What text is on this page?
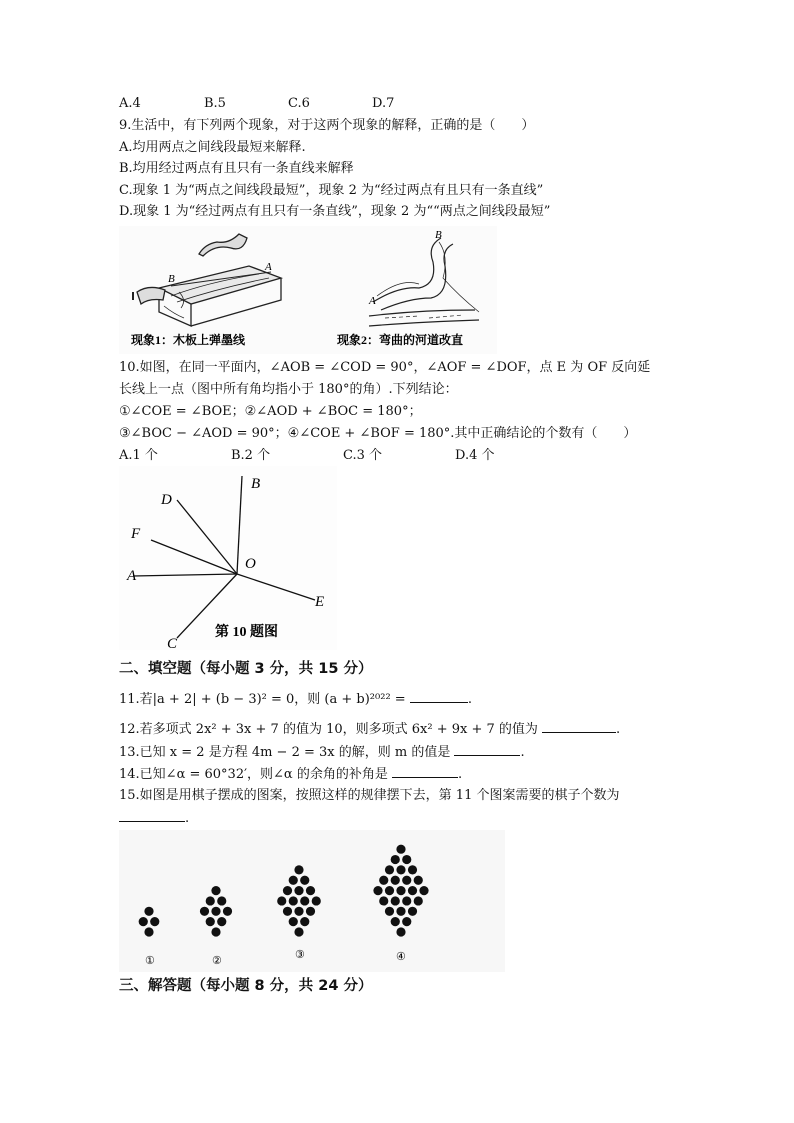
A.4	B.5	C.6	D.7
9.生活中，有下列两个现象，对于这两个现象的解释，正确的是（　　）
A.均用两点之间线段最短来解释.
B.均用经过两点有且只有一条直线来解释
C.现象 1 为“两点之间线段最短”，现象 2 为“经过两点有且只有一条直线”
D.现象 1 为“经过两点有且只有一条直线”，现象 2 为““两点之间线段最短”
B
A
B
A
现象1：木板上弹墨线	现象2：弯曲的河道改直
10.如图，在同一平面内，∠AOB = ∠COD = 90°，∠AOF = ∠DOF，点 E 为 OF 反向延
长线上一点（图中所有角均指小于 180°的角）.下列结论：
①∠COE = ∠BOE；②∠AOD + ∠BOC = 180°；
③∠BOC − ∠AOD = 90°；④∠COE + ∠BOF = 180°.其中正确结论的个数有（　　）
A.1 个	B.2 个	C.3 个	D.4 个
B
D
F
O
A
E
C
第 10 题图
二、填空题（每小题 3 分，共 15 分）
11.若|a + 2| + (b − 3)² = 0，则 (a + b)²⁰²² =	.
12.若多项式 2x² + 3x + 7 的值为 10，则多项式 6x² + 9x + 7 的值为	.
13.已知 x = 2 是方程 4m − 2 = 3x 的解，则 m 的值是	.
14.已知∠α = 60°32′，则∠α 的余角的补角是	.
15.如图是用棋子摆成的图案，按照这样的规律摆下去，第 11 个图案需要的棋子个数为
.
①	②	③	④
三、解答题（每小题 8 分，共 24 分）
